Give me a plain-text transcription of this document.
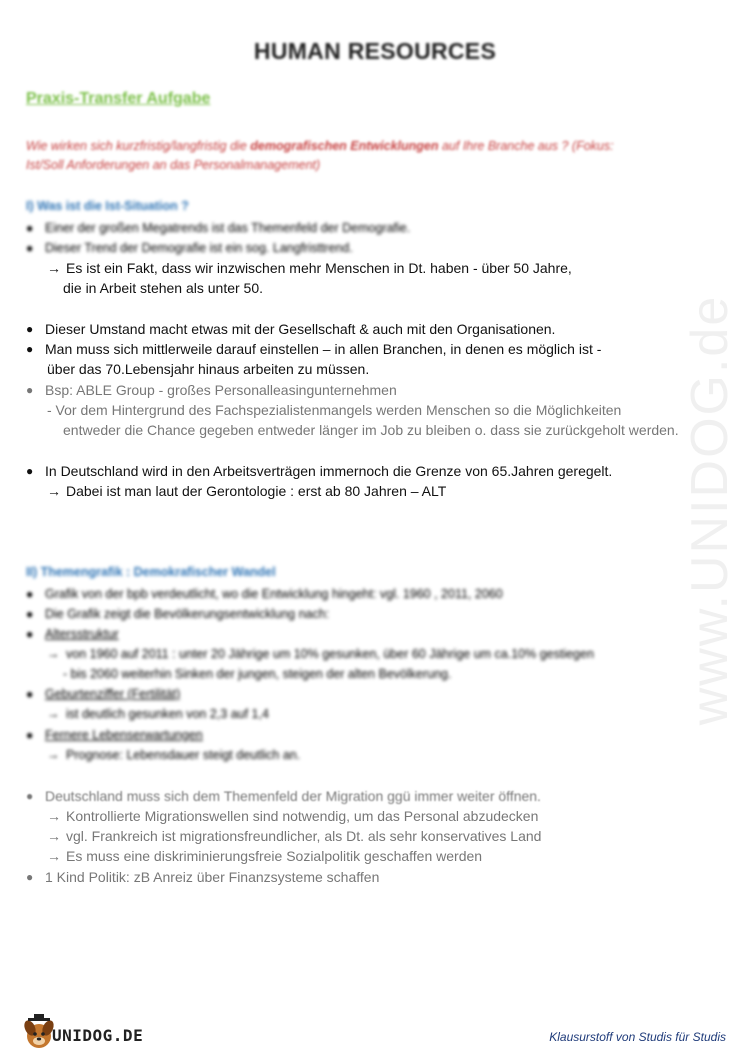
www.UNIDOG.de
HUMAN RESOURCES
Praxis-Transfer Aufgabe
Wie wirken sich kurzfristig/langfristig die demografischen Entwicklungen auf Ihre Branche aus ? (Fokus: Ist/Soll Anforderungen an das Personalmanagement)
I) Was ist die Ist-Situation ?
● Einer der großen Megatrends ist das Themenfeld der Demografie.
● Dieser Trend der Demografie ist ein sog. Langfristtrend.
→ Es ist ein Fakt, dass wir inzwischen mehr Menschen in Dt. haben - über 50 Jahre,
die in Arbeit stehen als unter 50.
● Dieser Umstand macht etwas mit der Gesellschaft & auch mit den Organisationen.
● Man muss sich mittlerweile darauf einstellen – in allen Branchen, in denen es möglich ist -
über das 70.Lebensjahr hinaus arbeiten zu müssen.
● Bsp: ABLE Group - großes Personalleasingunternehmen
- Vor dem Hintergrund des Fachspezialistenmangels werden Menschen so die Möglichkeiten
entweder die Chance gegeben entweder länger im Job zu bleiben o. dass sie zurückgeholt werden.
● In Deutschland wird in den Arbeitsverträgen immernoch die Grenze von 65.Jahren geregelt.
→ Dabei ist man laut der Gerontologie : erst ab 80 Jahren – ALT
II) Themengrafik : Demokrafischer Wandel
● Grafik von der bpb verdeutlicht, wo die Entwicklung hingeht: vgl. 1960 , 2011, 2060
● Die Grafik zeigt die Bevölkerungsentwicklung nach:
● Altersstruktur
→ von 1960 auf 2011 : unter 20 Jährige um 10% gesunken, über 60 Jährige um ca.10% gestiegen
- bis 2060 weiterhin Sinken der jungen, steigen der alten Bevölkerung.
● Geburtenziffer (Fertilität)
→ ist deutlich gesunken von 2,3 auf 1,4
● Fernere Lebenserwartungen
→ Prognose: Lebensdauer steigt deutlich an.
● Deutschland muss sich dem Themenfeld der Migration ggü immer weiter öffnen.
→ Kontrollierte Migrationswellen sind notwendig, um das Personal abzudecken
→ vgl. Frankreich ist migrationsfreundlicher, als Dt. als sehr konservatives Land
→ Es muss eine diskriminierungsfreie Sozialpolitik geschaffen werden
● 1 Kind Politik: zB Anreiz über Finanzsysteme schaffen
UNIDOG.DE	Klausurstoff von Studis für Studis
